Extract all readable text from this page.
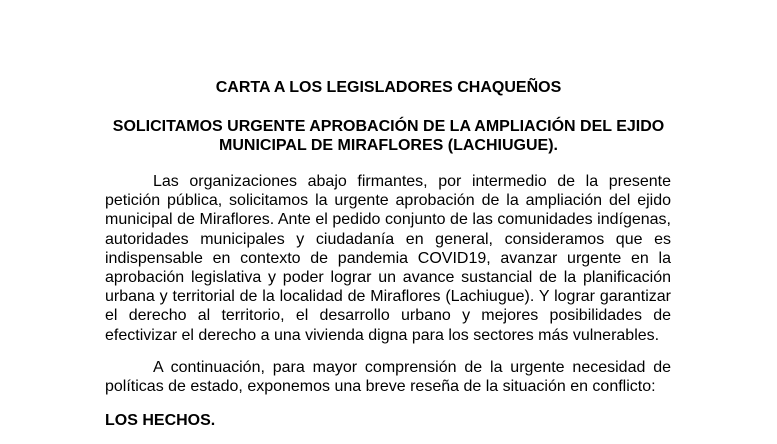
CARTA A LOS LEGISLADORES CHAQUEÑOS
SOLICITAMOS URGENTE APROBACIÓN DE LA AMPLIACIÓN DEL EJIDO MUNICIPAL DE MIRAFLORES (LACHIUGUE).

Las organizaciones abajo firmantes, por intermedio de la presente petición pública, solicitamos la urgente aprobación de la ampliación del ejido municipal de Miraflores. Ante el pedido conjunto de las comunidades indígenas, autoridades municipales y ciudadanía en general, consideramos que es indispensable en contexto de pandemia COVID19, avanzar urgente en la aprobación legislativa y poder lograr un avance sustancial de la planificación urbana y territorial de la localidad de Miraflores (Lachiugue). Y lograr garantizar el derecho al territorio, el desarrollo urbano y mejores posibilidades de efectivizar el derecho a una vivienda digna para los sectores más vulnerables.

A continuación, para mayor comprensión de la urgente necesidad de políticas de estado, exponemos una breve reseña de la situación en conflicto:

LOS HECHOS.
